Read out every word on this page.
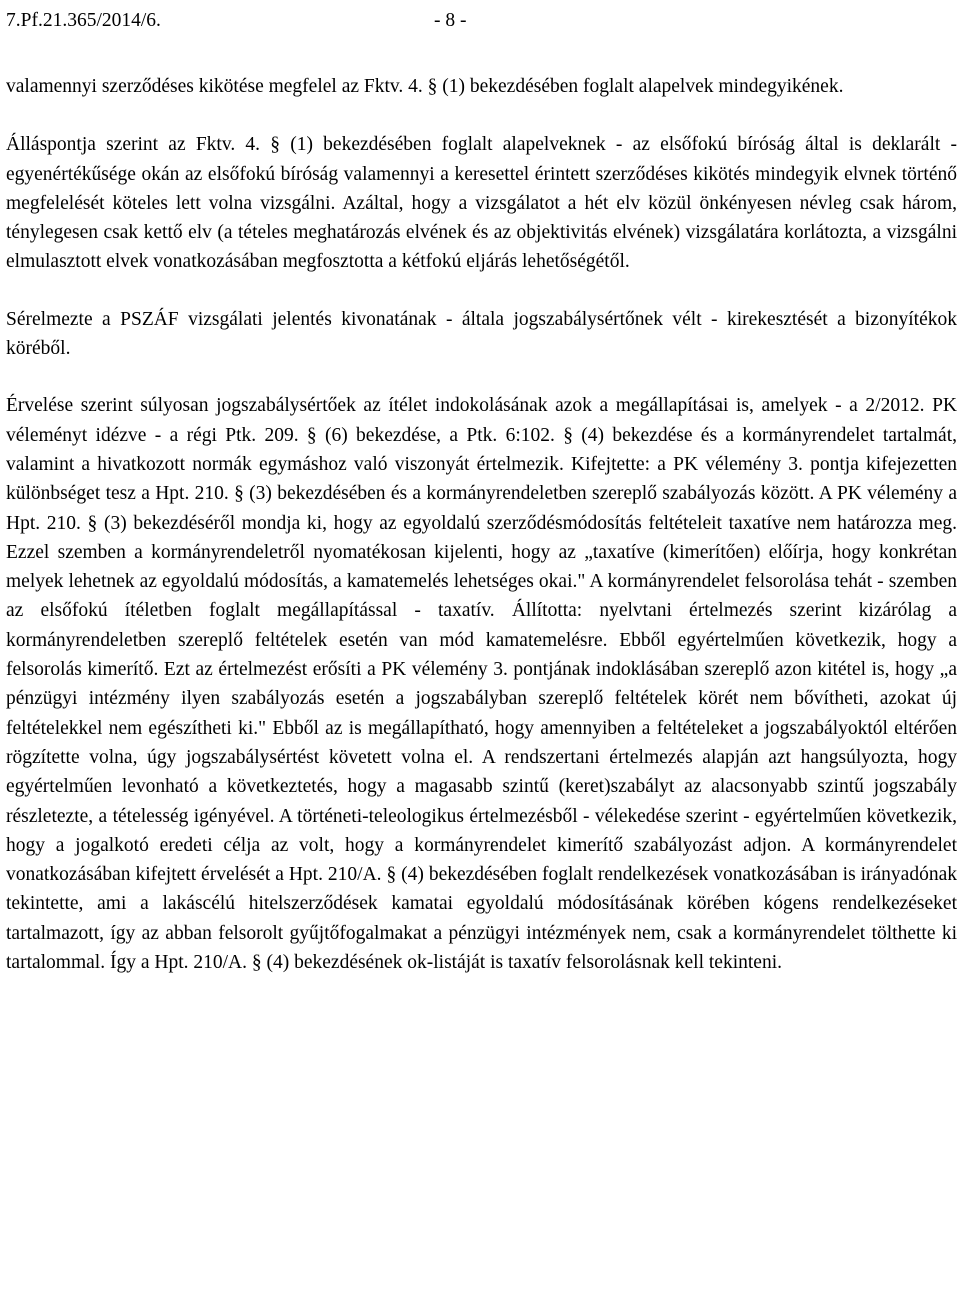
7.Pf.21.365/2014/6.	- 8 -

valamennyi szerződéses kikötése megfelel az Fktv. 4. § (1) bekezdésében foglalt alapelvek mindegyikének.

Álláspontja szerint az Fktv. 4. § (1) bekezdésében foglalt alapelveknek - az elsőfokú bíróság által is deklarált - egyenértékűsége okán az elsőfokú bíróság valamennyi a keresettel érintett szerződéses kikötés mindegyik elvnek történő megfelelését köteles lett volna vizsgálni. Azáltal, hogy a vizsgálatot a hét elv közül önkényesen névleg csak három, ténylegesen csak kettő elv (a tételes meghatározás elvének és az objektivitás elvének) vizsgálatára korlátozta, a vizsgálni elmulasztott elvek vonatkozásában megfosztotta a kétfokú eljárás lehetőségétől.

Sérelmezte a PSZÁF vizsgálati jelentés kivonatának - általa jogszabálysértőnek vélt - kirekesztését a bizonyítékok köréből.

Érvelése szerint súlyosan jogszabálysértőek az ítélet indokolásának azok a megállapításai is, amelyek - a 2/2012. PK véleményt idézve - a régi Ptk. 209. § (6) bekezdése, a Ptk. 6:102. § (4) bekezdése és a kormányrendelet tartalmát, valamint a hivatkozott normák egymáshoz való viszonyát értelmezik. Kifejtette: a PK vélemény 3. pontja kifejezetten különbséget tesz a Hpt. 210. § (3) bekezdésében és a kormányrendeletben szereplő szabályozás között. A PK vélemény a Hpt. 210. § (3) bekezdéséről mondja ki, hogy az egyoldalú szerződésmódosítás feltételeit taxatíve nem határozza meg. Ezzel szemben a kormányrendeletről nyomatékosan kijelenti, hogy az „taxatíve (kimerítően) előírja, hogy konkrétan melyek lehetnek az egyoldalú módosítás, a kamatemelés lehetséges okai." A kormányrendelet felsorolása tehát - szemben az elsőfokú ítéletben foglalt megállapítással - taxatív. Állította: nyelvtani értelmezés szerint kizárólag a kormányrendeletben szereplő feltételek esetén van mód kamatemelésre. Ebből egyértelműen következik, hogy a felsorolás kimerítő. Ezt az értelmezést erősíti a PK vélemény 3. pontjának indoklásában szereplő azon kitétel is, hogy „a pénzügyi intézmény ilyen szabályozás esetén a jogszabályban szereplő feltételek körét nem bővítheti, azokat új feltételekkel nem egészítheti ki." Ebből az is megállapítható, hogy amennyiben a feltételeket a jogszabályoktól eltérően rögzítette volna, úgy jogszabálysértést követett volna el. A rendszertani értelmezés alapján azt hangsúlyozta, hogy egyértelműen levonható a következtetés, hogy a magasabb szintű (keret)szabályt az alacsonyabb szintű jogszabály részletezte, a tételesség igényével. A történeti-teleologikus értelmezésből - vélekedése szerint - egyértelműen következik, hogy a jogalkotó eredeti célja az volt, hogy a kormányrendelet kimerítő szabályozást adjon. A kormányrendelet vonatkozásában kifejtett érvelését a Hpt. 210/A. § (4) bekezdésében foglalt rendelkezések vonatkozásában is irányadónak tekintette, ami a lakáscélú hitelszerződések kamatai egyoldalú módosításának körében kógens rendelkezéseket tartalmazott, így az abban felsorolt gyűjtőfogalmakat a pénzügyi intézmények nem, csak a kormányrendelet tölthette ki tartalommal. Így a Hpt. 210/A. § (4) bekezdésének ok-listáját is taxatív felsorolásnak kell tekinteni.
